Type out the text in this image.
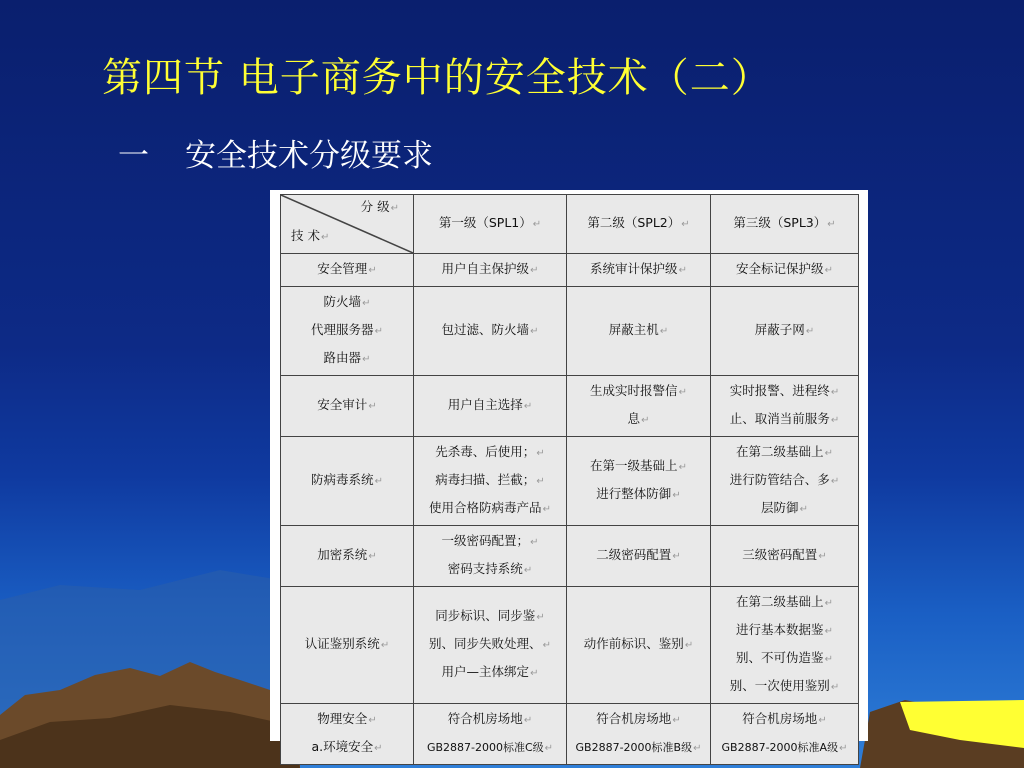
第四节 电子商务中的安全技术（二）
一 安全技术分级要求
分 级↵
技 术↵	第一级（SPL1）↵	第二级（SPL2）↵	第三级（SPL3）↵

安全管理↵	用户自主保护级↵	系统审计保护级↵	安全标记保护级↵

防火墙↵
代理服务器↵
路由器↵	包过滤、防火墙↵	屏蔽主机↵	屏蔽子网↵

安全审计↵	用户自主选择↵	生成实时报警信↵
息↵	实时报警、进程终↵
止、取消当前服务↵

防病毒系统↵	先杀毒、后使用；↵
病毒扫描、拦截；↵
使用合格防病毒产品↵	在第一级基础上↵
进行整体防御↵	在第二级基础上↵
进行防管结合、多↵
层防御↵

加密系统↵	一级密码配置；↵
密码支持系统↵	二级密码配置↵	三级密码配置↵

认证鉴别系统↵	同步标识、同步鉴↵
别、同步失败处理、↵
用户—主体绑定↵	动作前标识、鉴别↵	在第二级基础上↵
进行基本数据鉴↵
别、不可伪造鉴↵
别、一次使用鉴别↵

物理安全↵
a.环境安全↵	符合机房场地↵
GB2887-2000标准C级↵	符合机房场地↵
GB2887-2000标准B级↵	符合机房场地↵
GB2887-2000标准A级↵
